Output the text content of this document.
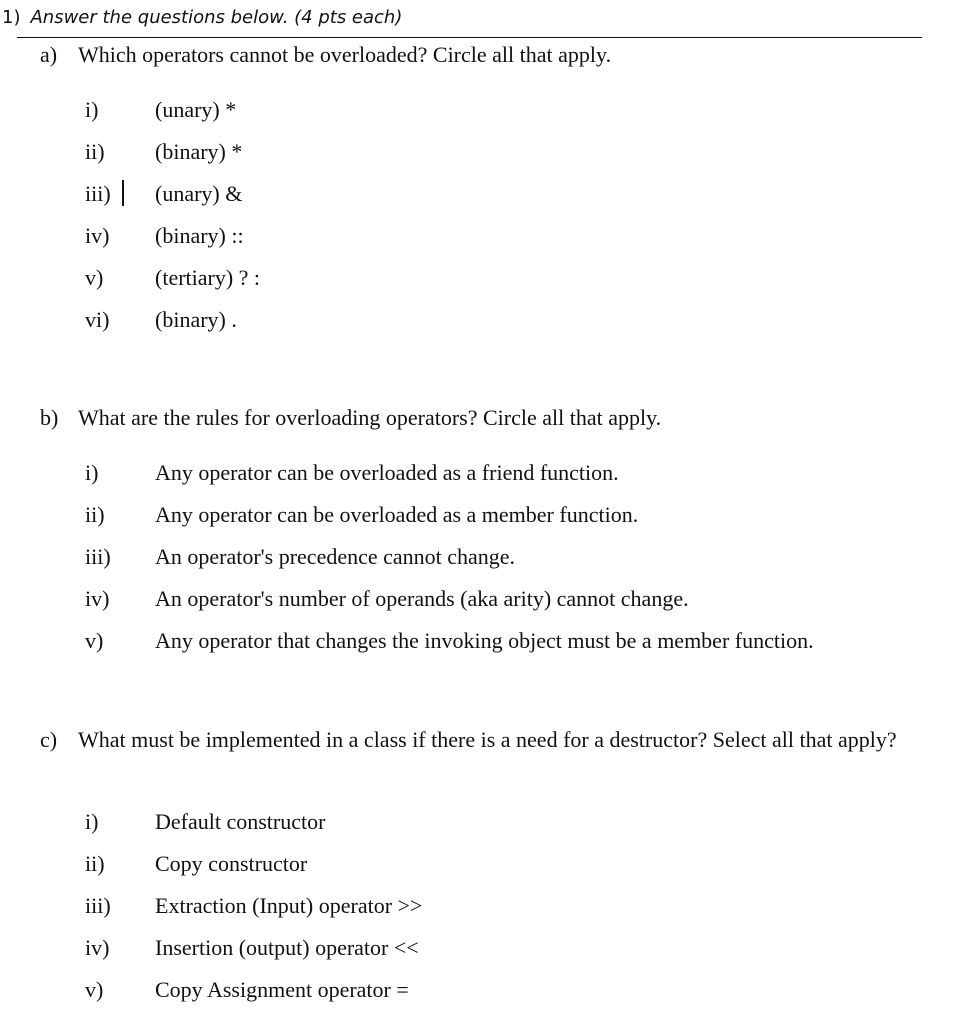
1) Answer the questions below. (4 pts each)
a) Which operators cannot be overloaded? Circle all that apply.
i)	(unary) *
ii) (binary) *
iii) (unary) &
iv) (binary) ::
v) (tertiary) ? :
vi) (binary) .
b) What are the rules for overloading operators? Circle all that apply.
i)	Any operator can be overloaded as a friend function.
ii) Any operator can be overloaded as a member function.
iii) An operator's precedence cannot change.
iv) An operator's number of operands (aka arity) cannot change.
v) Any operator that changes the invoking object must be a member function.
c) What must be implemented in a class if there is a need for a destructor? Select all that apply?
i)	Default constructor
ii) Copy constructor
iii) Extraction (Input) operator >>
iv) Insertion (output) operator <<
v) Copy Assignment operator =
